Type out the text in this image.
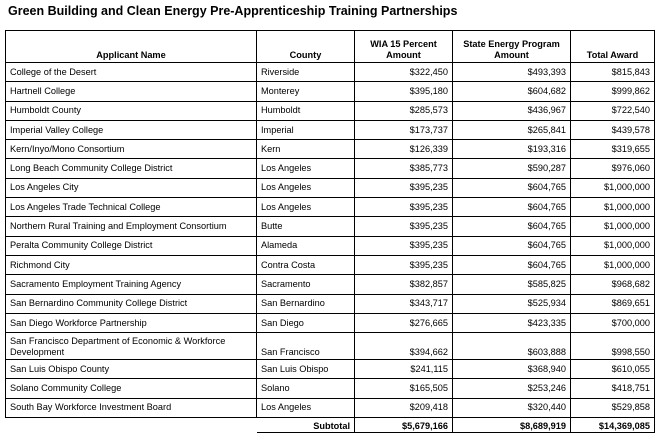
Green Building and Clean Energy Pre-Apprenticeship Training Partnerships
Applicant Name	County	WIA 15 Percent Amount	State Energy Program Amount	Total Award
College of the Desert	Riverside	$322,450	$493,393	$815,843
Hartnell College	Monterey	$395,180	$604,682	$999,862
Humboldt County	Humboldt	$285,573	$436,967	$722,540
Imperial Valley College	Imperial	$173,737	$265,841	$439,578
Kern/Inyo/Mono Consortium	Kern	$126,339	$193,316	$319,655
Long Beach Community College District	Los Angeles	$385,773	$590,287	$976,060
Los Angeles City	Los Angeles	$395,235	$604,765	$1,000,000
Los Angeles Trade Technical College	Los Angeles	$395,235	$604,765	$1,000,000
Northern Rural Training and Employment Consortium	Butte	$395,235	$604,765	$1,000,000
Peralta Community College District	Alameda	$395,235	$604,765	$1,000,000
Richmond City	Contra Costa	$395,235	$604,765	$1,000,000
Sacramento Employment Training Agency	Sacramento	$382,857	$585,825	$968,682
San Bernardino Community College District	San Bernardino	$343,717	$525,934	$869,651
San Diego Workforce Partnership	San Diego	$276,665	$423,335	$700,000
San Francisco Department of Economic & Workforce Development	San Francisco	$394,662	$603,888	$998,550
San Luis Obispo County	San Luis Obispo	$241,115	$368,940	$610,055
Solano Community College	Solano	$165,505	$253,246	$418,751
South Bay Workforce Investment Board	Los Angeles	$209,418	$320,440	$529,858
	Subtotal	$5,679,166	$8,689,919	$14,369,085
